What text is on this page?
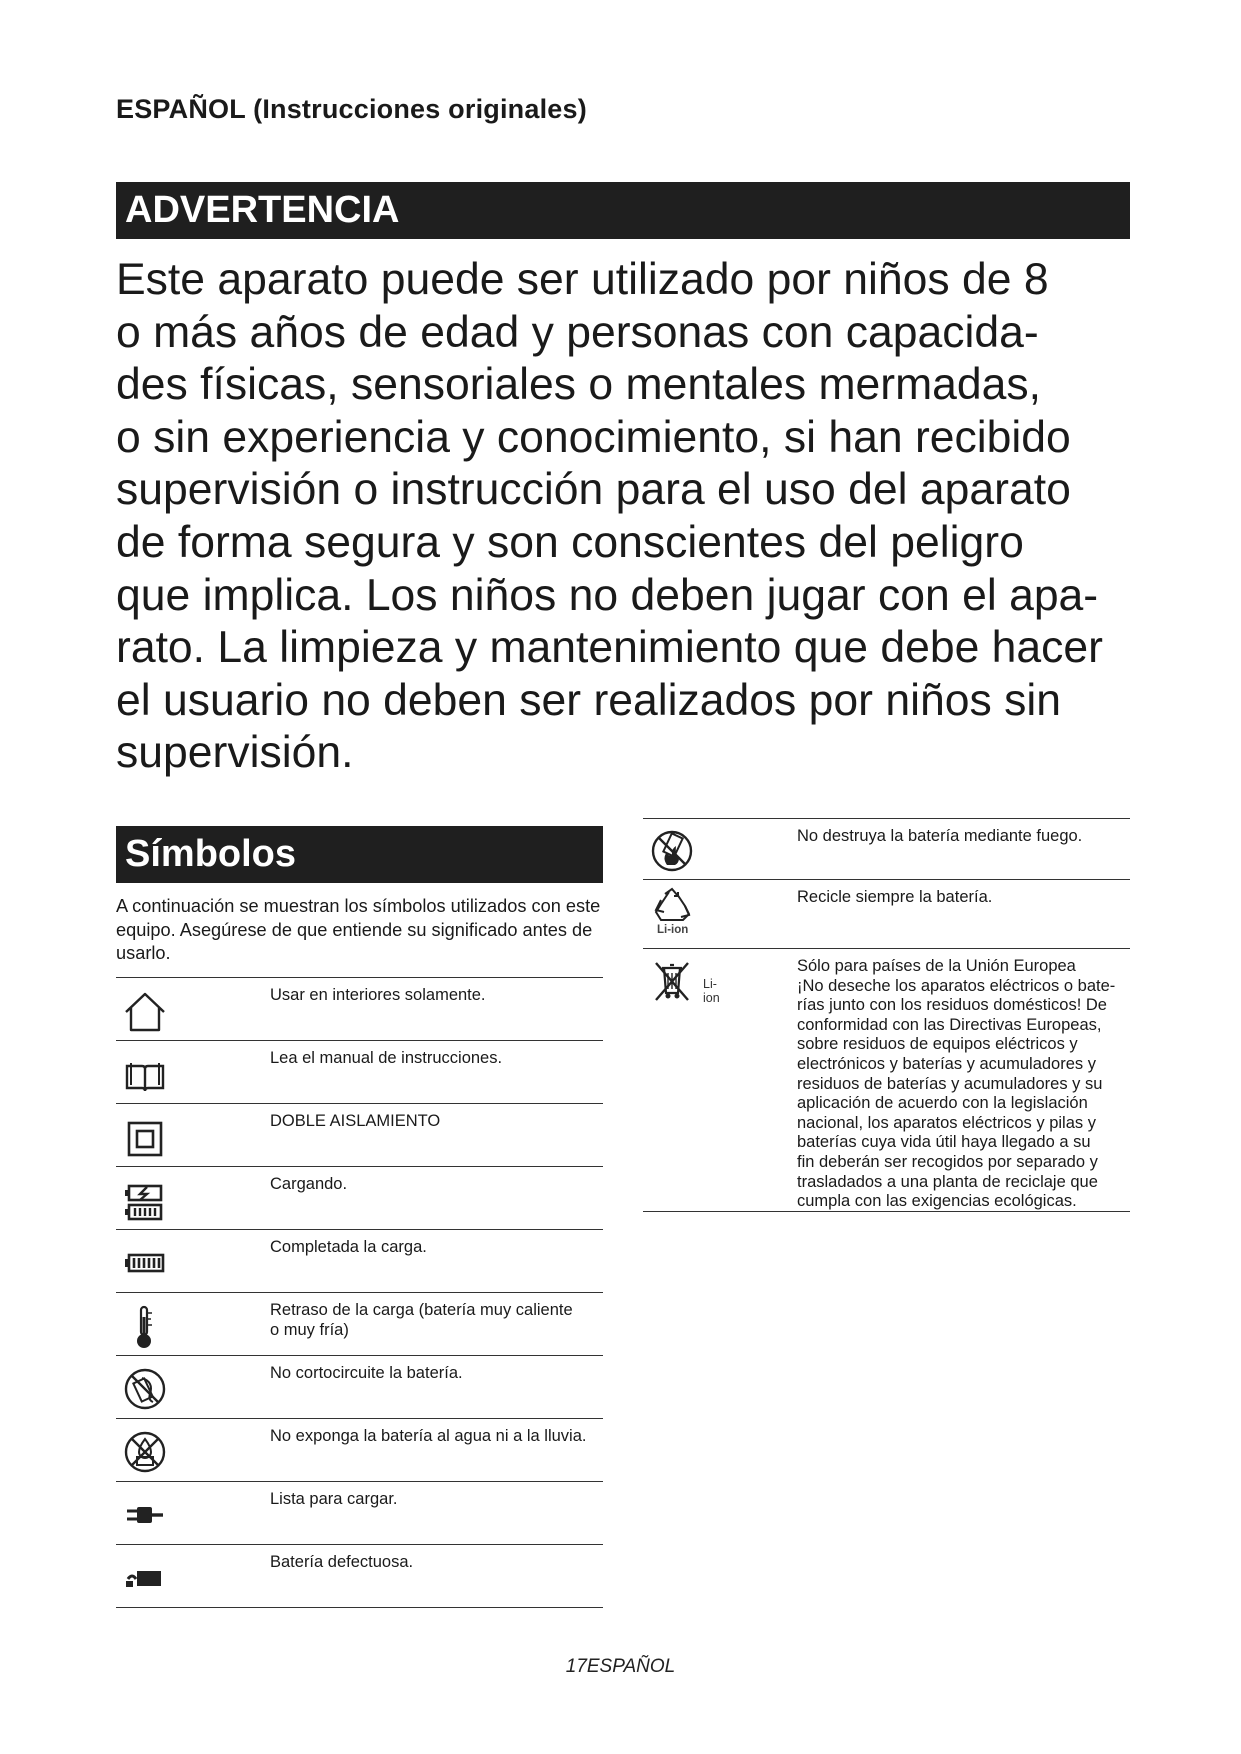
ESPAÑOL (Instrucciones originales)
ADVERTENCIA

Este aparato puede ser utilizado por niños de 8
o más años de edad y personas con capacida-
des físicas, sensoriales o mentales mermadas,
o sin experiencia y conocimiento, si han recibido
supervisión o instrucción para el uso del aparato
de forma segura y son conscientes del peligro
que implica. Los niños no deben jugar con el apa-
rato. La limpieza y mantenimiento que debe hacer
el usuario no deben ser realizados por niños sin
supervisión.

Símbolos

A continuación se muestran los símbolos utilizados con este equipo. Asegúrese de que entiende su significado antes de usarlo.

Usar en interiores solamente.
Lea el manual de instrucciones.
DOBLE AISLAMIENTO
Cargando.
Completada la carga.
Retraso de la carga (batería muy caliente
o muy fría)
No cortocircuite la batería.
No exponga la batería al agua ni a la lluvia.
Lista para cargar.
Batería defectuosa.
No destruya la batería mediante fuego.
Li-ion
Recicle siempre la batería.
Li-ion
Sólo para países de la Unión Europea
¡No deseche los aparatos eléctricos o bate-
rías junto con los residuos domésticos! De
conformidad con las Directivas Europeas,
sobre residuos de equipos eléctricos y
electrónicos y baterías y acumuladores y
residuos de baterías y acumuladores y su
aplicación de acuerdo con la legislación
nacional, los aparatos eléctricos y pilas y
baterías cuya vida útil haya llegado a su
fin deberán ser recogidos por separado y
trasladados a una planta de reciclaje que
cumpla con las exigencias ecológicas.
17ESPAÑOL
